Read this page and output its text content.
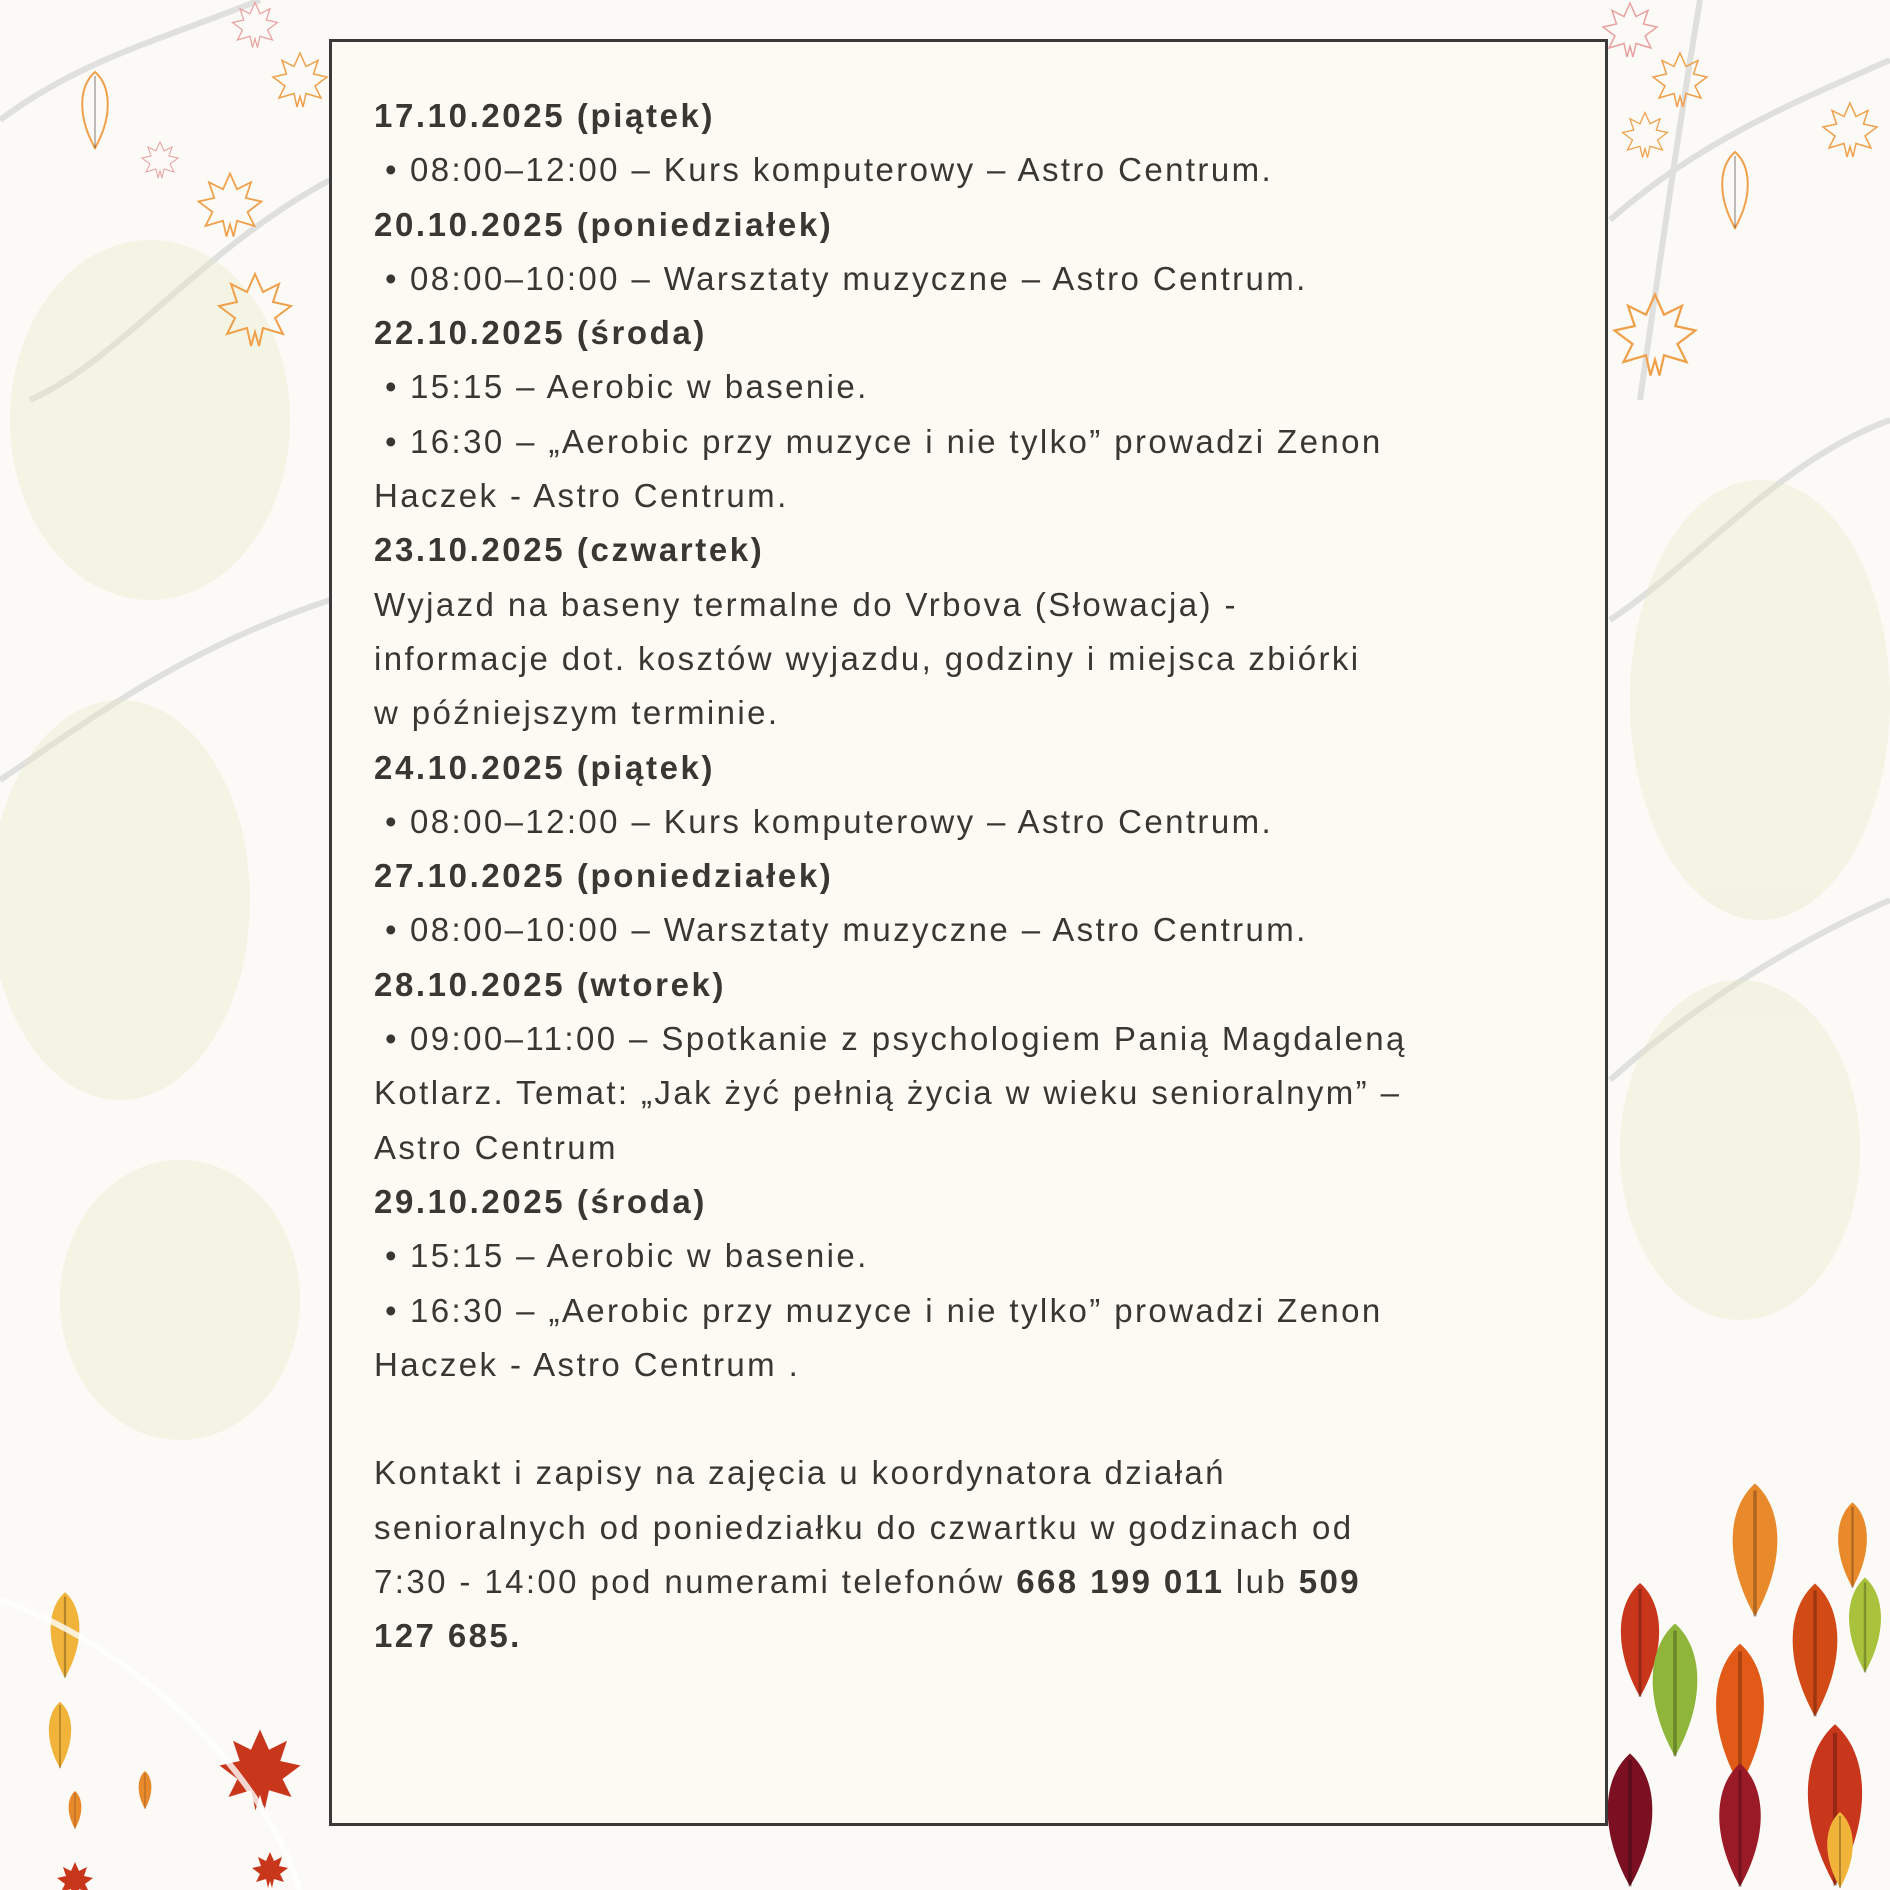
17.10.2025 (piątek)
• 08:00–12:00 – Kurs komputerowy – Astro Centrum.
20.10.2025 (poniedziałek)
• 08:00–10:00 – Warsztaty muzyczne – Astro Centrum.
22.10.2025 (środa)
• 15:15 – Aerobic w basenie.
• 16:30 – „Aerobic przy muzyce i nie tylko” prowadzi Zenon
Haczek - Astro Centrum.
23.10.2025 (czwartek)
Wyjazd na baseny termalne do Vrbova (Słowacja) -
informacje dot. kosztów wyjazdu, godziny i miejsca zbiórki
w późniejszym terminie.
24.10.2025 (piątek)
• 08:00–12:00 – Kurs komputerowy – Astro Centrum.
27.10.2025 (poniedziałek)
• 08:00–10:00 – Warsztaty muzyczne – Astro Centrum.
28.10.2025 (wtorek)
• 09:00–11:00 – Spotkanie z psychologiem Panią Magdaleną
Kotlarz. Temat: „Jak żyć pełnią życia w wieku senioralnym” –
Astro Centrum
29.10.2025 (środa)
• 15:15 – Aerobic w basenie.
• 16:30 – „Aerobic przy muzyce i nie tylko” prowadzi Zenon
Haczek - Astro Centrum .
Kontakt i zapisy na zajęcia u koordynatora działań
senioralnych od poniedziałku do czwartku w godzinach od
7:30 - 14:00 pod numerami telefonów 668 199 011 lub 509
127 685.
